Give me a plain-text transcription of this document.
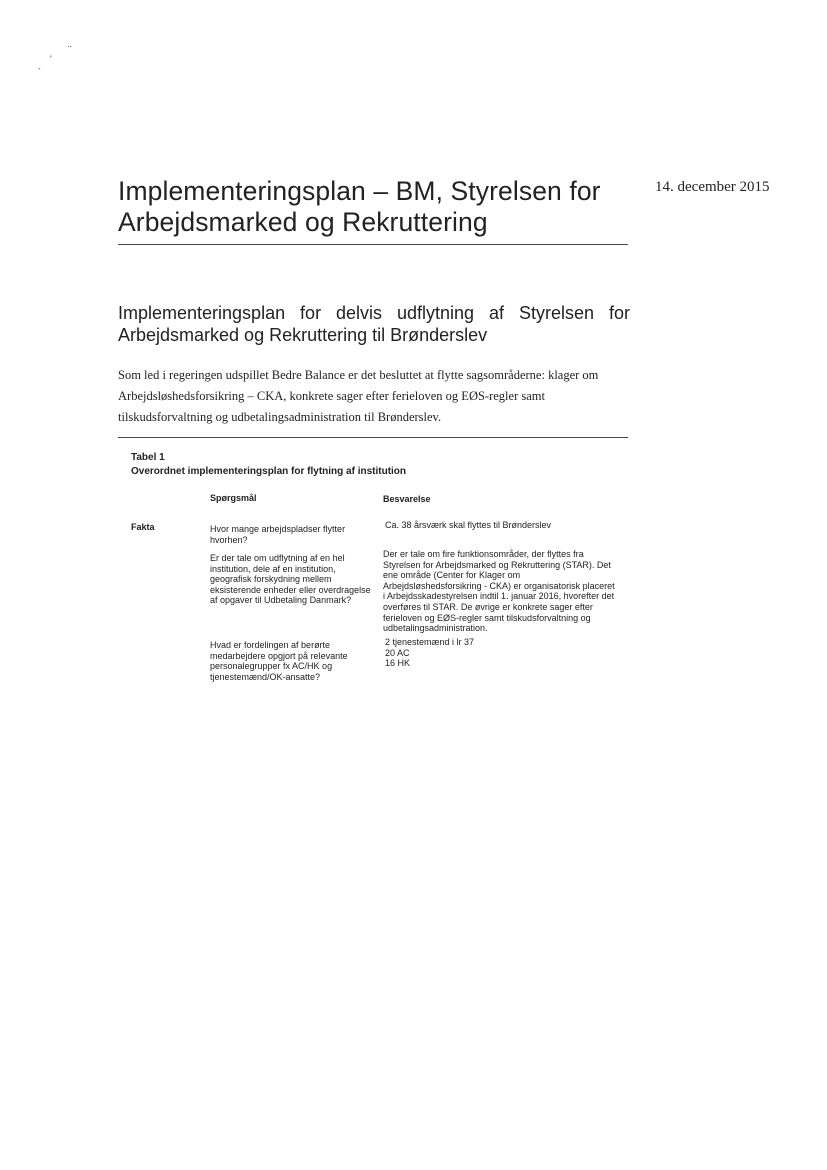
..
'
`
14. december 2015
Implementeringsplan – BM, Styrelsen for Arbejdsmarked og Rekruttering
Implementeringsplan for delvis udflytning af Styrelsen for Arbejdsmarked og Rekruttering til Brønderslev
Som led i regeringen udspillet Bedre Balance er det besluttet at flytte sagsområderne: klager om Arbejdsløshedsforsikring – CKA, konkrete sager efter ferieloven og EØS-regler samt tilskudsforvaltning og udbetalingsadministration til Brønderslev.
Tabel 1
Overordnet implementeringsplan for flytning af institution
Spørgsmål	Besvarelse
Fakta	Hvor mange arbejdspladser flytter hvorhen?
Ca. 38 årsværk skal flyttes til Brønderslev
Er der tale om udflytning af en hel institution, dele af en institution, geografisk forskydning mellem eksisterende enheder eller overdragelse af opgaver til Udbetaling Danmark?
Der er tale om fire funktionsområder, der flyttes fra Styrelsen for Arbejdsmarked og Rekruttering (STAR). Det ene område (Center for Klager om Arbejdsløshedsforsikring - CKA) er organisatorisk placeret i Arbejdsskadestyrelsen indtil 1. januar 2016, hvorefter det overføres til STAR. De øvrige er konkrete sager efter ferieloven og EØS-regler samt tilskudsforvaltning og udbetalingsadministration.
Hvad er fordelingen af berørte medarbejdere opgjort på relevante personalegrupper fx AC/HK og tjenestemænd/OK-ansatte?
2 tjenestemænd i lr 37
20 AC
16 HK
